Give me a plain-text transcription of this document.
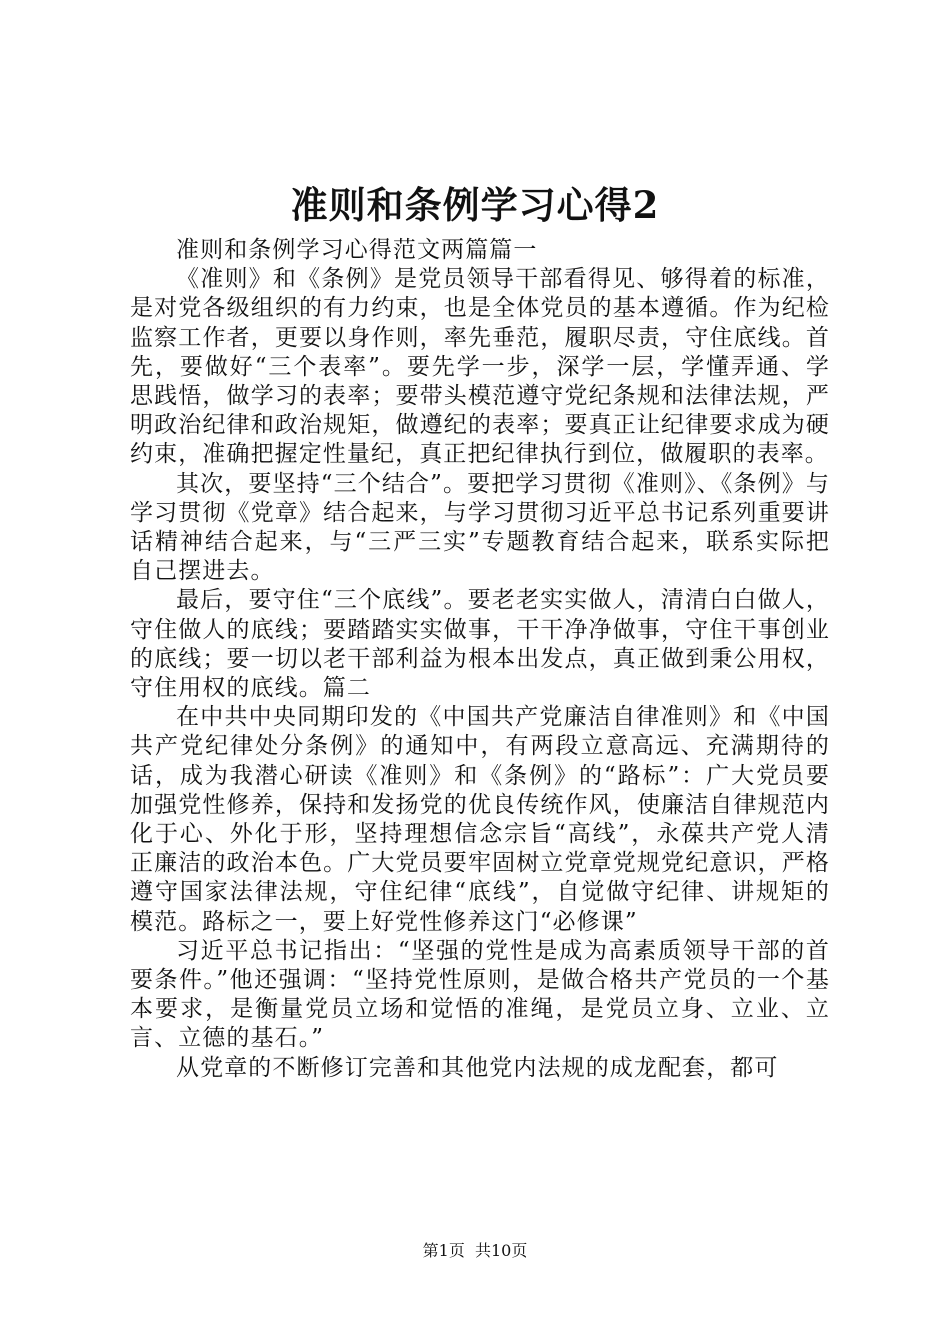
准则和条例学习心得2

准则和条例学习心得范文两篇篇一

《准则》和《条例》是党员领导干部看得见、够得着的标准，是对党各级组织的有力约束，也是全体党员的基本遵循。作为纪检监察工作者，更要以身作则，率先垂范，履职尽责，守住底线。首先，要做好“三个表率”。要先学一步，深学一层，学懂弄通、学思践悟，做学习的表率；要带头模范遵守党纪条规和法律法规，严明政治纪律和政治规矩，做遵纪的表率；要真正让纪律要求成为硬约束，准确把握定性量纪，真正把纪律执行到位，做履职的表率。

其次，要坚持“三个结合”。要把学习贯彻《准则》、《条例》与学习贯彻《党章》结合起来，与学习贯彻习近平总书记系列重要讲话精神结合起来，与“三严三实”专题教育结合起来，联系实际把自己摆进去。

最后，要守住“三个底线”。要老老实实做人，清清白白做人，守住做人的底线；要踏踏实实做事，干干净净做事，守住干事创业的底线；要一切以老干部利益为根本出发点，真正做到秉公用权，守住用权的底线。篇二

在中共中央同期印发的《中国共产党廉洁自律准则》和《中国共产党纪律处分条例》的通知中，有两段立意高远、充满期待的话，成为我潜心研读《准则》和《条例》的“路标”：广大党员要加强党性修养，保持和发扬党的优良传统作风，使廉洁自律规范内化于心、外化于形，坚持理想信念宗旨“高线”，永葆共产党人清正廉洁的政治本色。广大党员要牢固树立党章党规党纪意识，严格遵守国家法律法规，守住纪律“底线”，自觉做守纪律、讲规矩的模范。路标之一，要上好党性修养这门“必修课”

习近平总书记指出：“坚强的党性是成为高素质领导干部的首要条件。”他还强调：“坚持党性原则，是做合格共产党员的一个基本要求，是衡量党员立场和觉悟的准绳，是党员立身、立业、立言、立德的基石。”

从党章的不断修订完善和其他党内法规的成龙配套，都可

第1页  共10页
